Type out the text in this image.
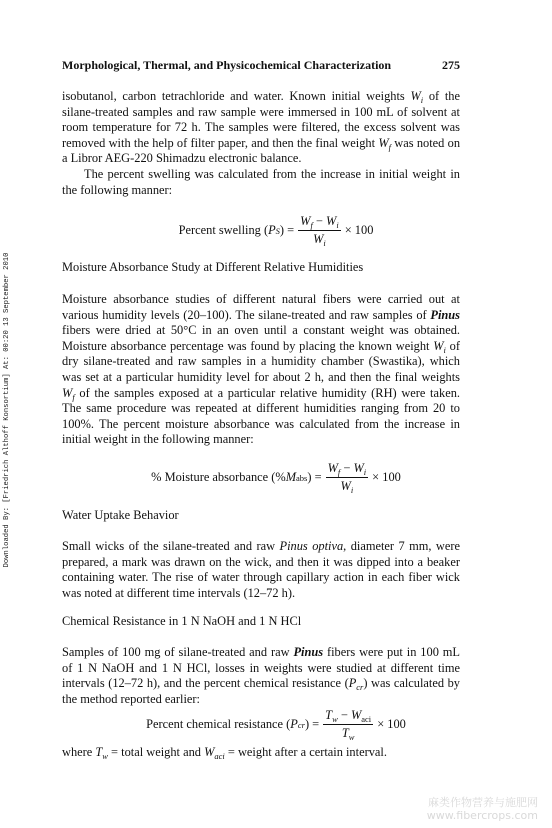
Morphological, Thermal, and Physicochemical Characterization	275
Downloaded By: [Friedrich Althoff Konsortium] At: 00:20 13 September 2010

isobutanol, carbon tetrachloride and water. Known initial weights $W_i$ of the silane-treated samples and raw sample were immersed in 100 mL of solvent at room temperature for 72 h. The samples were filtered, the excess solvent was removed with the help of filter paper, and then the final weight $W_f$ was noted on a Libror AEG-220 Shimadzu electronic balance.

The percent swelling was calculated from the increase in initial weight in the following manner:

Percent swelling ( P S ) = $\frac{W_f - W_i}{W_i} \times 100$
Moisture Absorbance Study at Different Relative Humidities

Moisture absorbance studies of different natural fibers were carried out at various humidity levels (20–100). The silane-treated and raw samples of Pinus fibers were dried at 50°C in an oven until a constant weight was obtained. Moisture absorbance percentage was found by placing the known weight $W_i$ of dry silane-treated and raw samples in a humidity chamber (Swastika), which was set at a particular humidity level for about 2 h, and then the final weights $W_f$ of the samples exposed at a particular relative humidity (RH) were taken. The same procedure was repeated at different humidities ranging from 20 to 100%. The percent moisture absorbance was calculated from the increase in initial weight in the following manner:

% Moisture absorbance (% M abs ) = $\frac{W_f - W_i}{W_i} \times 100$
Water Uptake Behavior

Small wicks of the silane-treated and raw Pinus optiva, diameter 7 mm, were prepared, a mark was drawn on the wick, and then it was dipped into a beaker containing water. The rise of water through capillary action in each fiber wick was noted at different time intervals (12–72 h).

Chemical Resistance in 1 N NaOH and 1 N HCl

Samples of 100 mg of silane-treated and raw Pinus fibers were put in 100 mL of 1 N NaOH and 1 N HCl, losses in weights were studied at different time intervals (12–72 h), and the percent chemical resistance $(P_{cr})$ was calculated by the method reported earlier:

Percent chemical resistance ( P cr ) = $\frac{T_w - W_{aci}}{T_w} \times 100$

where $T_w$ = total weight and $W_{aci}$ = weight after a certain interval.

麻类作物营养与施肥网
www.fibercrops.com
